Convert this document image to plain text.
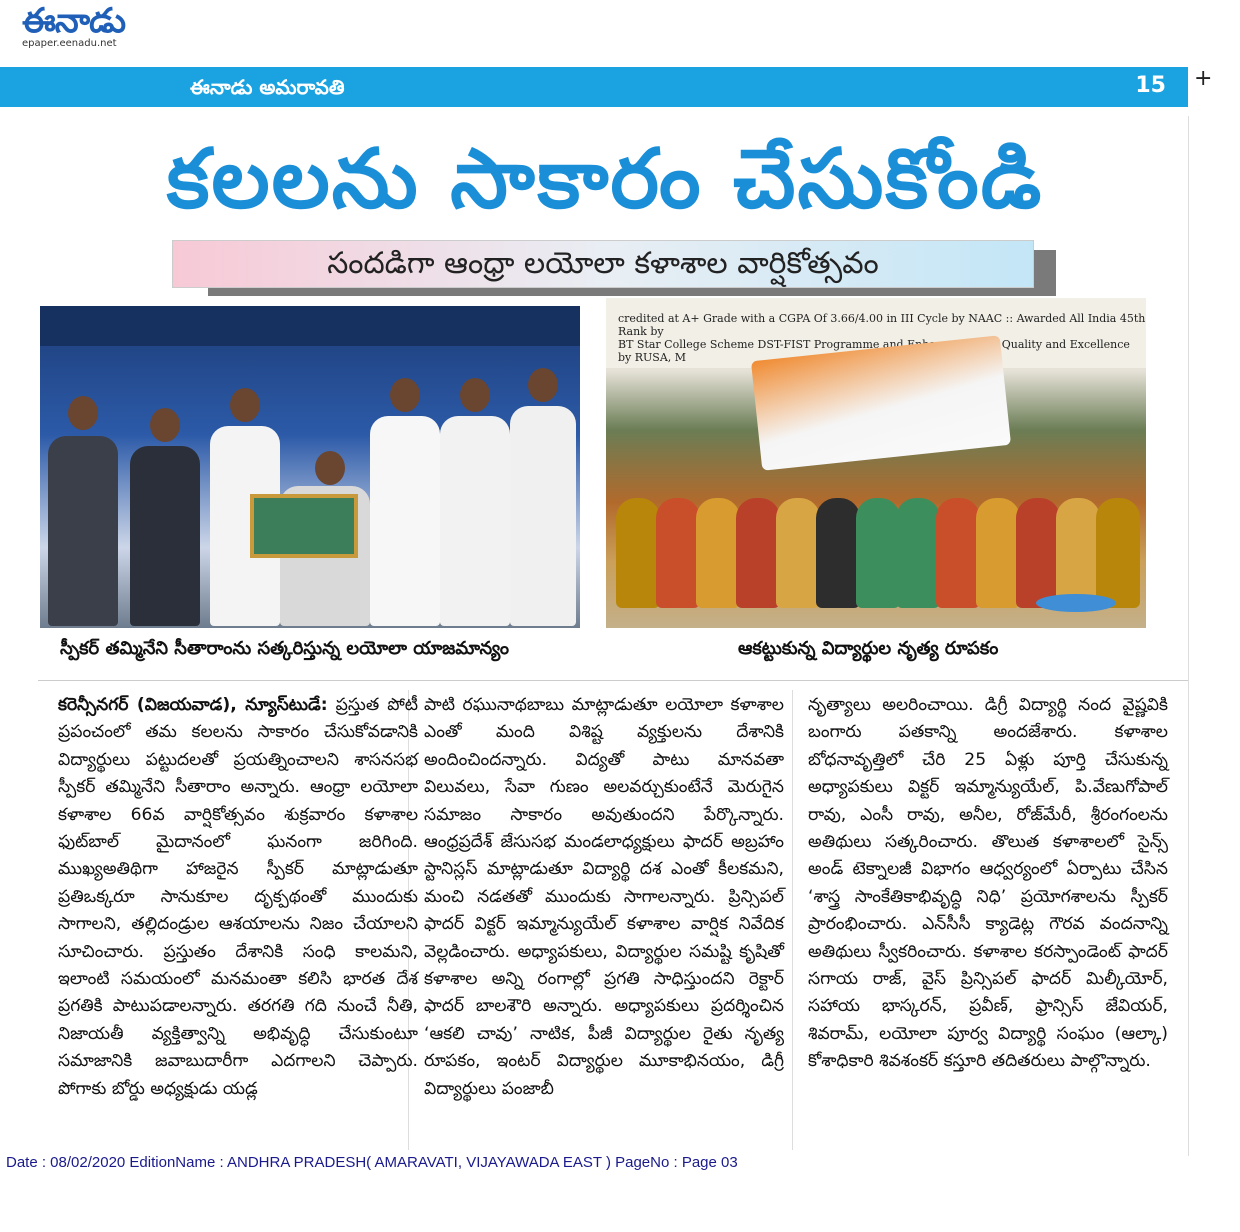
ఈనాడు
epaper.eenadu.net
ఈనాడు అమరావతి	15 +
కలలను సాకారం చేసుకోండి
సందడిగా ఆంధ్రా లయోలా కళాశాల వార్షికోత్సవం
credited at A+ Grade with a CGPA Of 3.66/4.00 in III Cycle by NAAC :: Awarded All India 45th Rank by
BT Star College Scheme DST-FIST Programme and Enhancement of Quality and Excellence by RUSA, M
స్పీకర్ తమ్మినేని సీతారాంను సత్కరిస్తున్న లయోలా యాజమాన్యం	ఆకట్టుకున్న విద్యార్థుల నృత్య రూపకం
కరెన్సీనగర్ (విజయవాడ), న్యూస్‌టుడే: ప్రస్తుత పోటీ ప్రపంచంలో తమ కలలను సాకారం చేసుకోవడానికి విద్యార్థులు పట్టుదలతో ప్రయత్నించాలని శాసనసభ స్పీకర్ తమ్మినేని సీతారాం అన్నారు. ఆంధ్రా లయోలా కళాశాల 66వ వార్షికోత్సవం శుక్రవారం కళాశాల ఫుట్‌బాల్ మైదానంలో ఘనంగా జరిగింది. ముఖ్యఅతిథిగా హాజరైన స్పీకర్ మాట్లాడుతూ ప్రతిఒక్కరూ సానుకూల దృక్పథంతో ముందుకు సాగాలని, తల్లిదండ్రుల ఆశయాలను నిజం చేయాలని సూచించారు. ప్రస్తుతం దేశానికి సంధి కాలమని, ఇలాంటి సమయంలో మనమంతా కలిసి భారత దేశ ప్రగతికి పాటుపడాలన్నారు. తరగతి గది నుంచే నీతి, నిజాయతీ వ్యక్తిత్వాన్ని అభివృద్ధి చేసుకుంటూ సమాజానికి జవాబుదారీగా ఎదగాలని చెప్పారు. పోగాకు బోర్డు అధ్యక్షుడు యడ్ల
పాటి రఘునాథబాబు మాట్లాడుతూ లయోలా కళాశాల ఎంతో మంది విశిష్ట వ్యక్తులను దేశానికి అందించిందన్నారు. విద్యతో పాటు మానవతా విలువలు, సేవా గుణం అలవర్చుకుంటేనే మెరుగైన సమాజం సాకారం అవుతుందని పేర్కొన్నారు. ఆంధ్రప్రదేశ్ జేసుసభ మండలాధ్యక్షులు ఫాదర్ అబ్రహాం స్టానిస్లస్ మాట్లాడుతూ విద్యార్థి దశ ఎంతో కీలకమని, మంచి నడతతో ముందుకు సాగాలన్నారు. ప్రిన్సిపల్ ఫాదర్ విక్టర్ ఇమ్మాన్యుయేల్ కళాశాల వార్షిక నివేదిక వెల్లడించారు. అధ్యాపకులు, విద్యార్థుల సమష్టి కృషితో కళాశాల అన్ని రంగాల్లో ప్రగతి సాధిస్తుందని రెక్టార్ ఫాదర్ బాలశౌరి అన్నారు. అధ్యాపకులు ప్రదర్శించిన ‘ఆకలి చావు’ నాటిక, పీజీ విద్యార్థుల రైతు నృత్య రూపకం, ఇంటర్ విద్యార్థుల మూకాభినయం, డిగ్రీ విద్యార్థులు పంజాబీ
నృత్యాలు అలరించాయి. డిగ్రీ విద్యార్థి నంద వైష్ణవికి బంగారు పతకాన్ని అందజేశారు. కళాశాల బోధనావృత్తిలో చేరి 25 ఏళ్లు పూర్తి చేసుకున్న అధ్యాపకులు విక్టర్ ఇమ్మాన్యుయేల్, పి.వేణుగోపాల్ రావు, ఎంసీ రావు, అనీల, రోజ్‌మేరీ, శ్రీరంగంలను అతిథులు సత్కరించారు. తొలుత కళాశాలలో సైన్స్ అండ్ టెక్నాలజీ విభాగం ఆధ్వర్యంలో ఏర్పాటు చేసిన ‘శాస్త్ర సాంకేతికాభివృద్ధి నిధి’ ప్రయోగశాలను స్పీకర్ ప్రారంభించారు. ఎన్‌సీసీ క్యాడెట్ల గౌరవ వందనాన్ని అతిథులు స్వీకరించారు. కళాశాల కరస్పాండెంట్ ఫాదర్ సగాయ రాజ్, వైస్ ప్రిన్సిపల్ ఫాదర్ మిల్కీయోర్, సహాయ భాస్కరన్, ప్రవీణ్, ఫ్రాన్సిస్ జేవియర్, శివరామ్, లయోలా పూర్వ విద్యార్థి సంఘం (ఆల్కా) కోశాధికారి శివశంకర్ కస్తూరి తదితరులు పాల్గొన్నారు.
Date : 08/02/2020 EditionName : ANDHRA PRADESH( AMARAVATI, VIJAYAWADA EAST ) PageNo : Page 03
